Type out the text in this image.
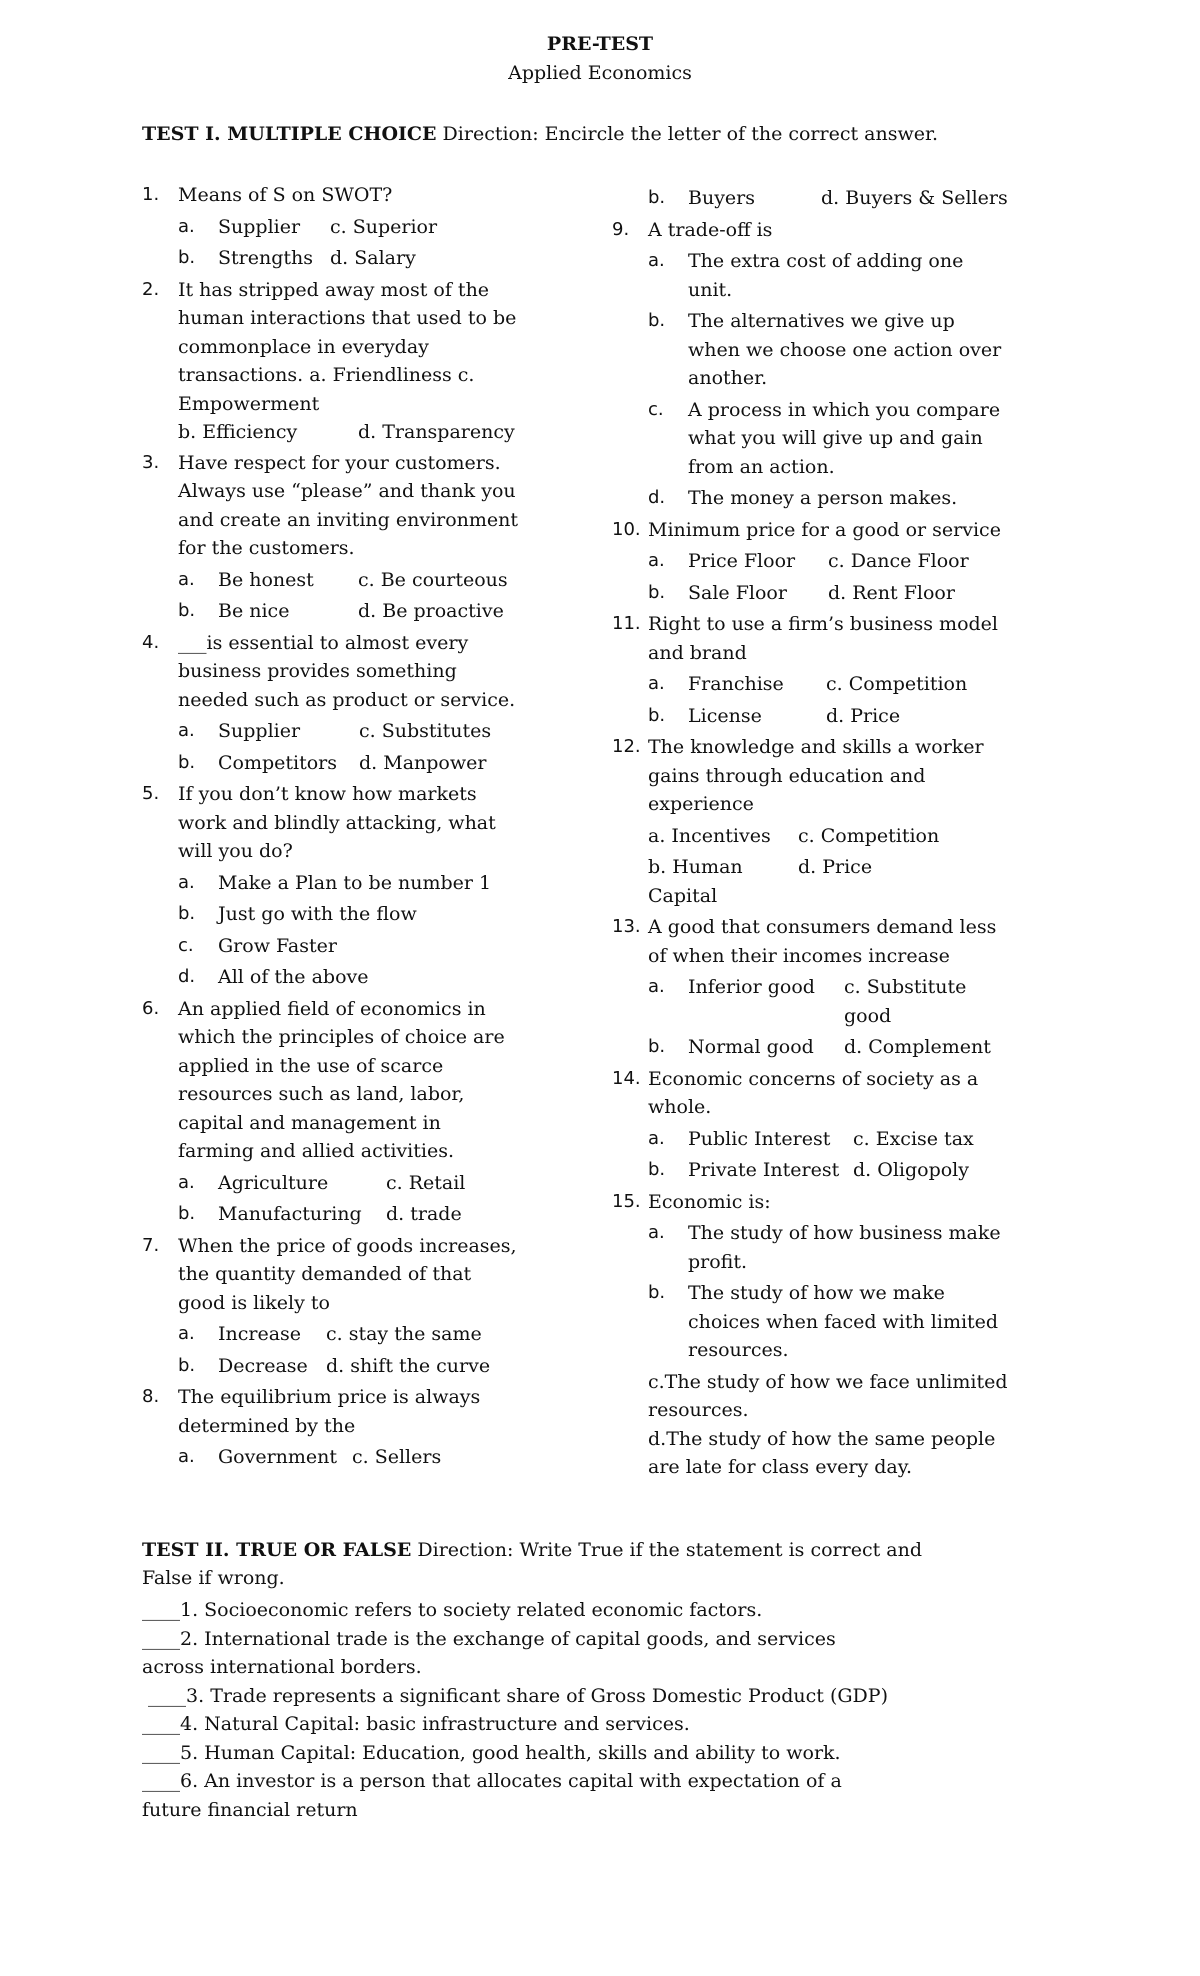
PRE-TEST
Applied Economics
TEST I. MULTIPLE CHOICE Direction: Encircle the letter of the correct answer.
1. Means of S on SWOT?
a.	Supplier	c. Superior
b.	Strengths d. Salary
2. It has stripped away most of the human interactions that used to be commonplace in everyday transactions. a. Friendliness c. Empowerment
b. Efficiency	d. Transparency
3. Have respect for your customers. Always use “please” and thank you and create an inviting environment for the customers.
a.	Be honest	c. Be courteous
b.	Be nice	d. Be proactive
4. ___is essential to almost every business provides something needed such as product or service.
a.	Supplier	c. Substitutes
b.	Competitors	d. Manpower
5. If you don’t know how markets work and blindly attacking, what will you do?
a.	Make a Plan to be number 1
b.	Just go with the flow
c.	Grow Faster
d.	All of the above
6. An applied field of economics in which the principles of choice are applied in the use of scarce resources such as land, labor, capital and management in farming and allied activities.
a.	Agriculture	c. Retail
b.	Manufacturing	d. trade
7. When the price of goods increases, the quantity demanded of that good is likely to
a.	Increase	c. stay the same
b.	Decrease d. shift the curve
8. The equilibrium price is always determined by the
a.	Government c. Sellers
b.	Buyers	d. Buyers & Sellers
9. A trade-off is
a.	The extra cost of adding one unit.
b.	The alternatives we give up when we choose one action over another.
c.	A process in which you compare what you will give up and gain from an action.
d.	The money a person makes.
10. Minimum price for a good or service
a.	Price Floor	c. Dance Floor
b.	Sale Floor	d. Rent Floor
11. Right to use a firm’s business model and brand
a.	Franchise	c. Competition
b.	License	d. Price
12. The knowledge and skills a worker gains through education and experience
a. Incentives	c. Competition
b. Human Capital
d. Price
13. A good that consumers demand less of when their incomes increase
a.	Inferior good	c. Substitute good
b.	Normal good	d. Complement
14. Economic concerns of society as a whole.
a.	Public Interest	c. Excise tax
b.	Private Interest d. Oligopoly
15. Economic is:
a.	The study of how business make profit.
b.	The study of how we make choices when faced with limited resources.
c.The study of how we face unlimited resources.
d.The study of how the same people are late for class every day.
TEST II. TRUE OR FALSE Direction: Write True if the statement is correct and False if wrong.
____1. Socioeconomic refers to society related economic factors.
____2. International trade is the exchange of capital goods, and services across international borders.
____3. Trade represents a significant share of Gross Domestic Product (GDP)
____4. Natural Capital: basic infrastructure and services.
____5. Human Capital: Education, good health, skills and ability to work.
____6. An investor is a person that allocates capital with expectation of a future financial return
